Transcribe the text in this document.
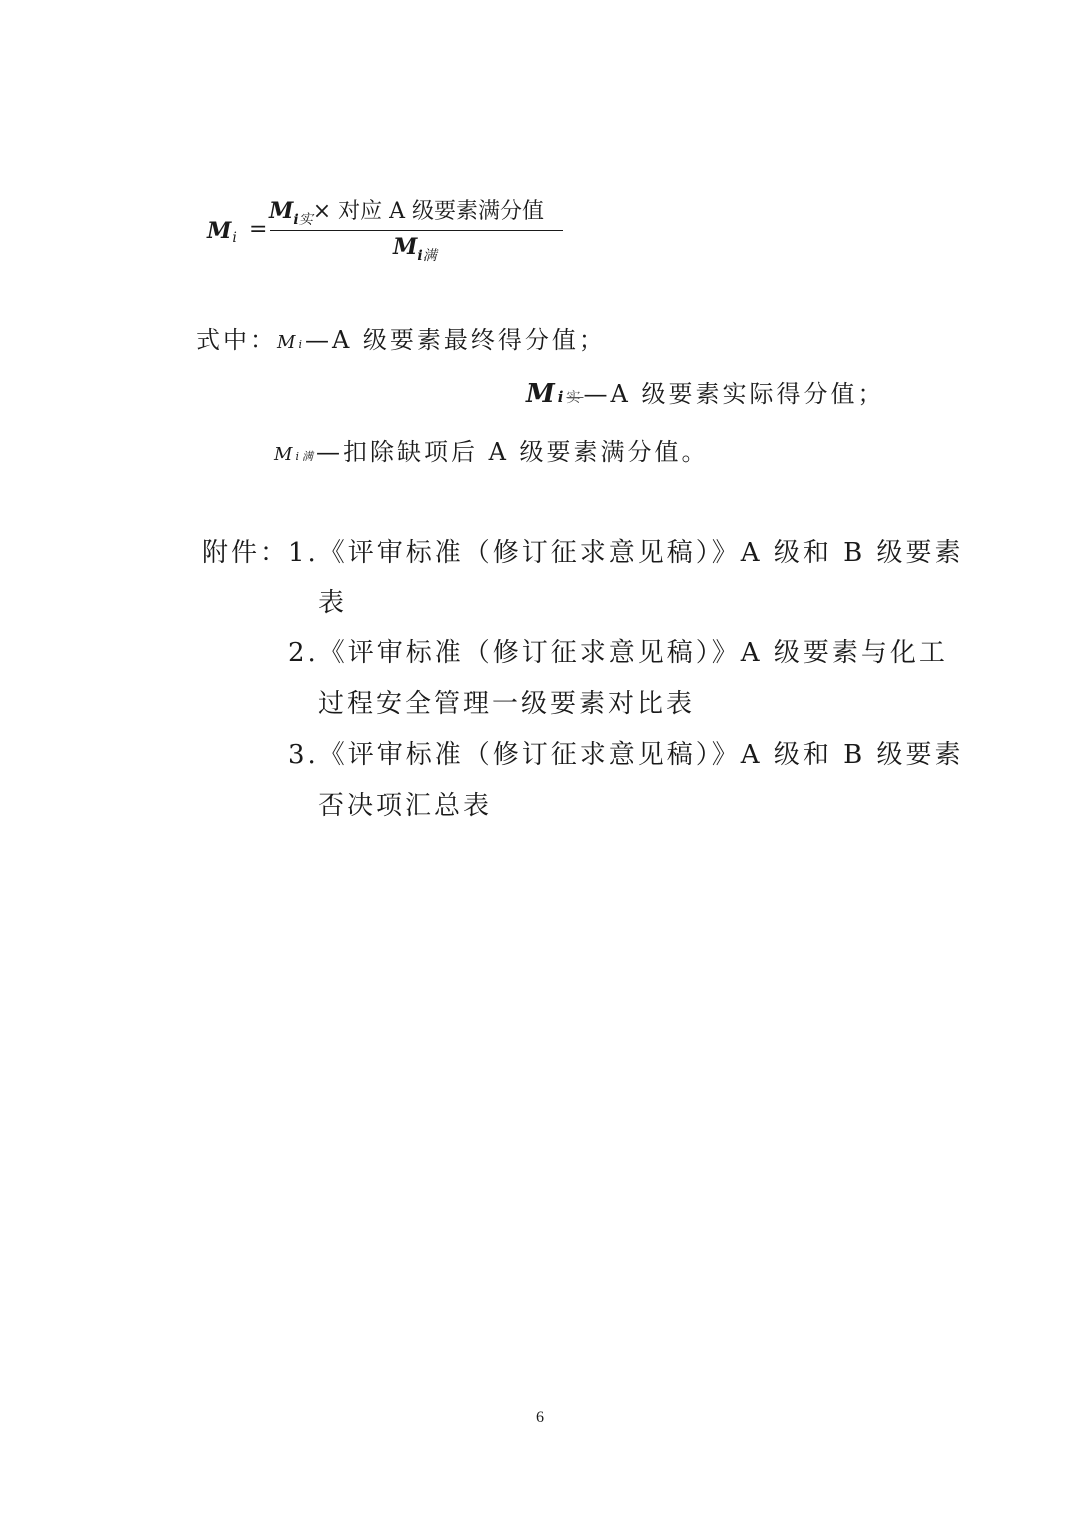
$M_i$ =
$M_{i实}\times$ 对应 A 级要素满分值
$M_{i满}$
式中：Mi—A 级要素最终得分值；
Mi实—A 级要素实际得分值；
Mi满—扣除缺项后 A 级要素满分值。
附件：
1.《评审标准（修订征求意见稿）》A 级和 B 级要素
表
2.《评审标准（修订征求意见稿）》A 级要素与化工
过程安全管理一级要素对比表
3.《评审标准（修订征求意见稿）》A 级和 B 级要素
否决项汇总表
6
